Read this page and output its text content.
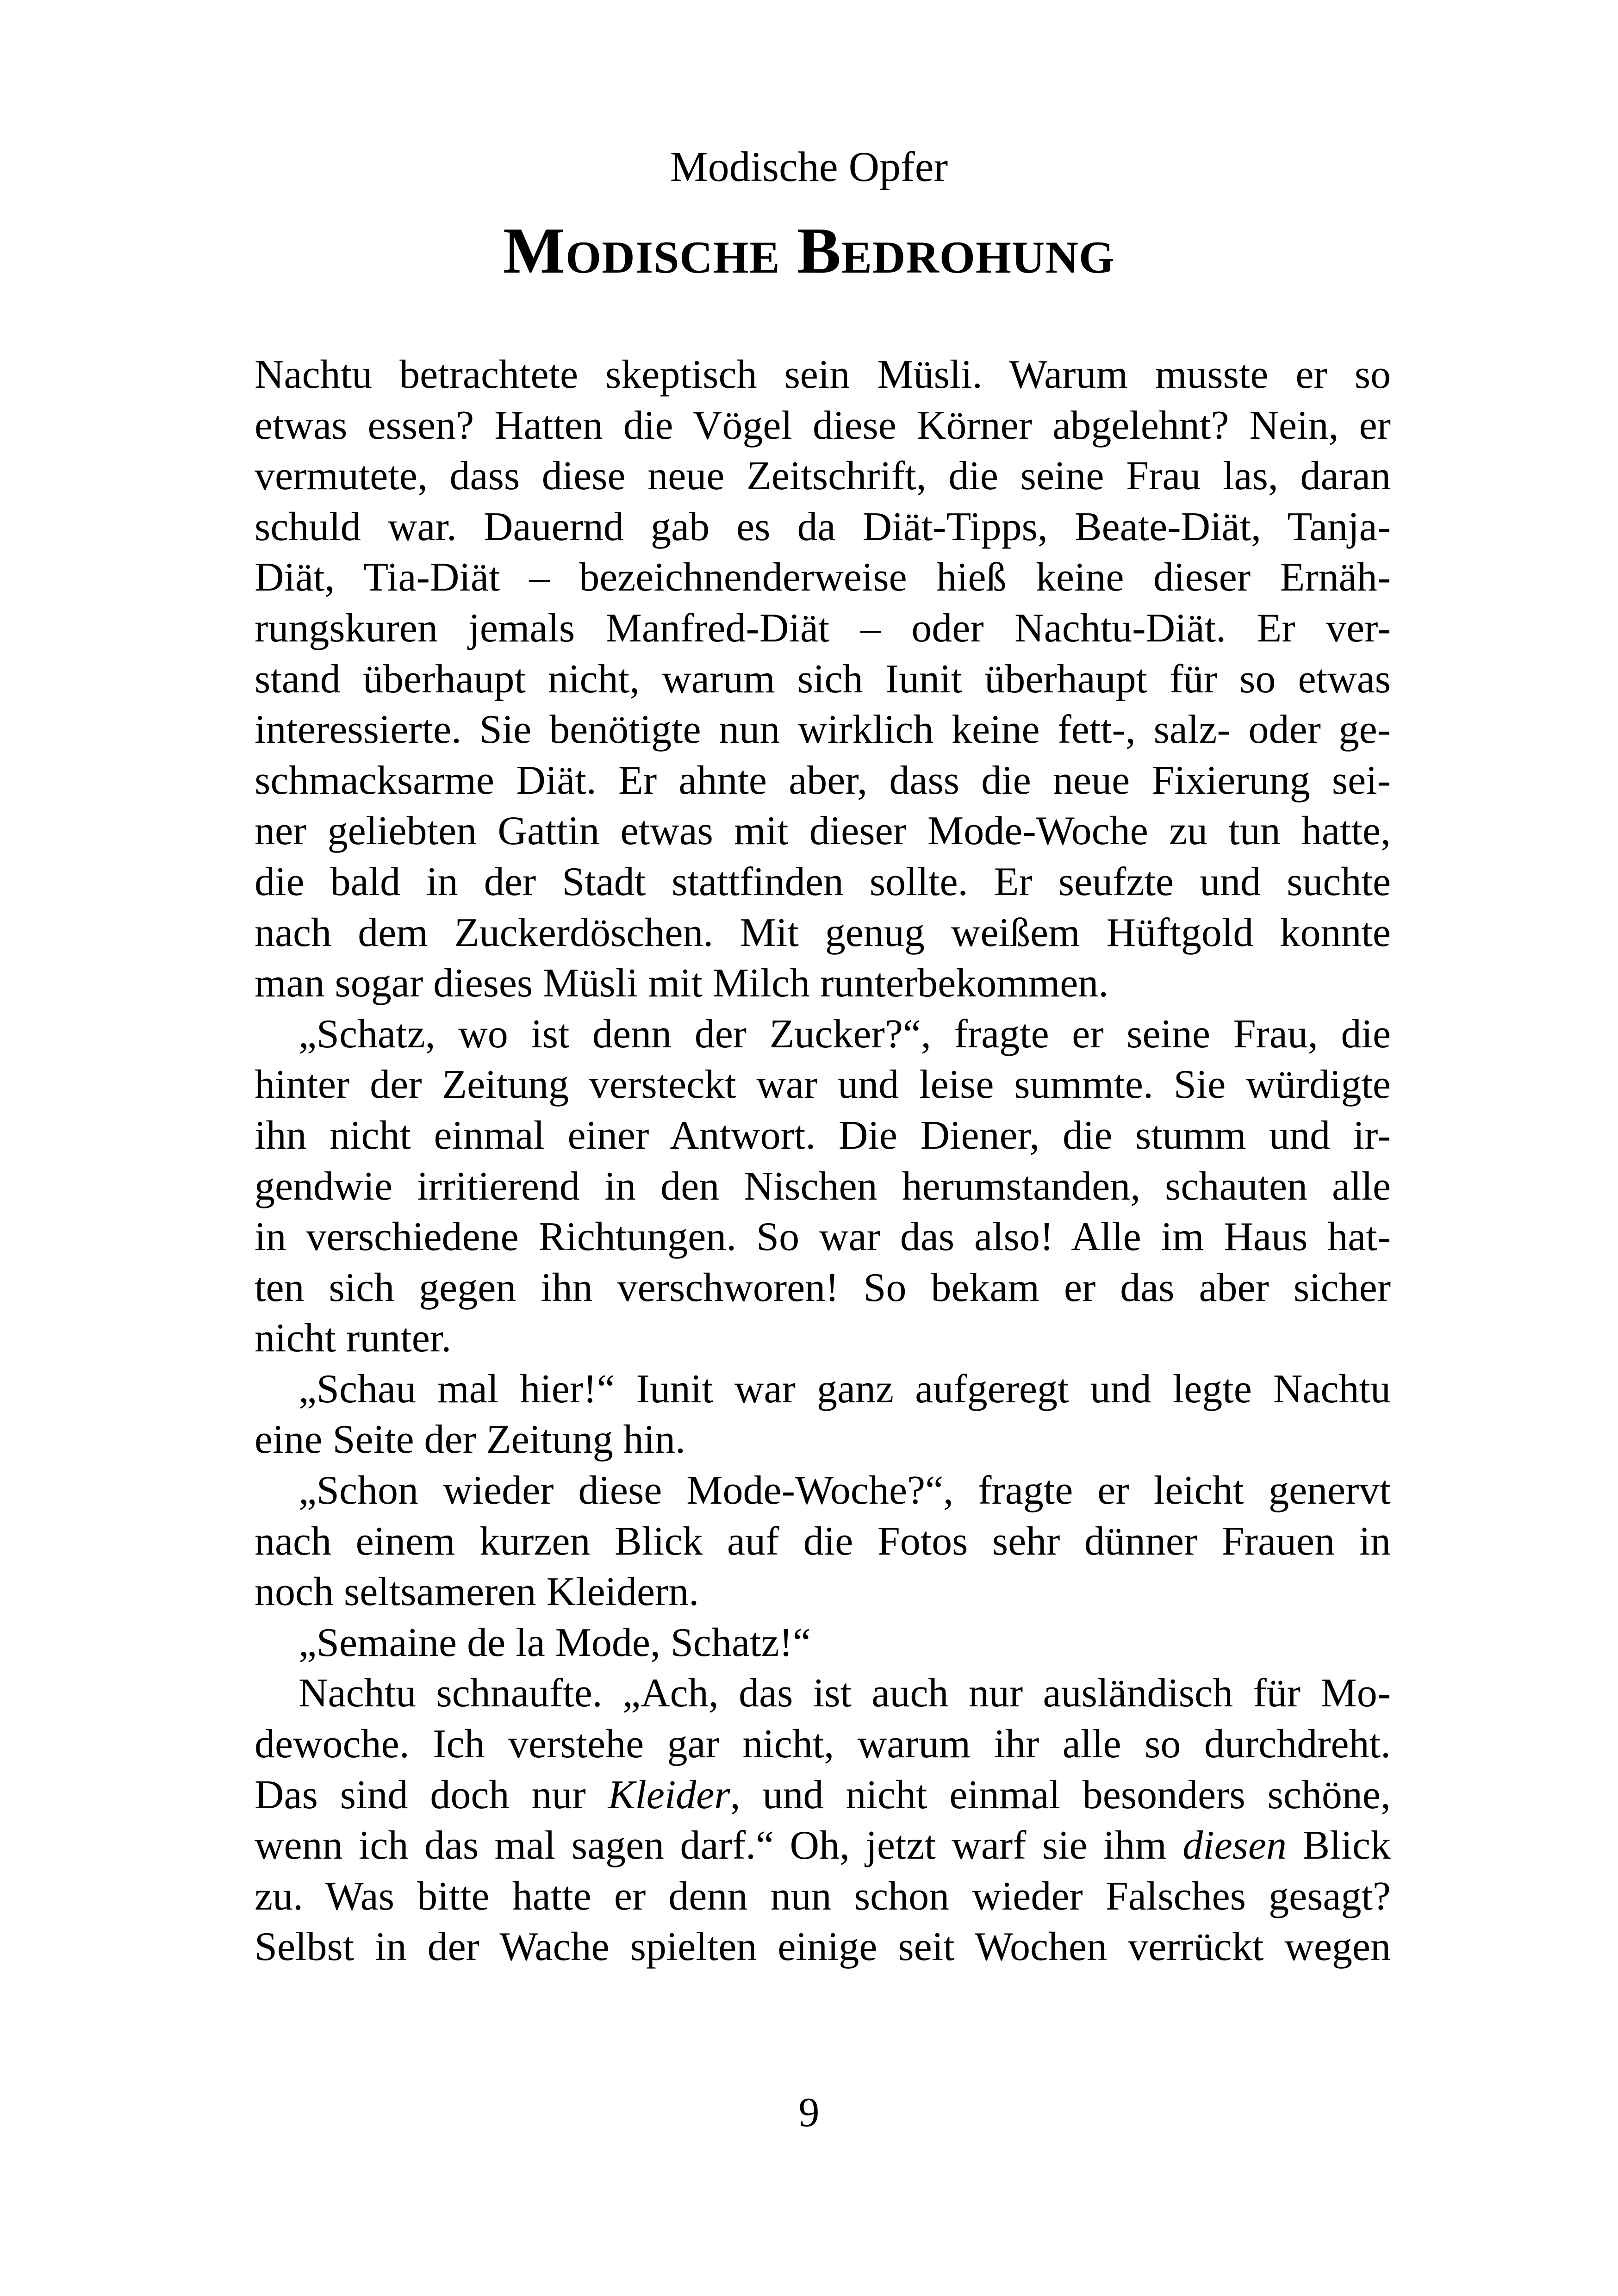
Modische Opfer
Modische Bedrohung
Nachtu betrachtete skeptisch sein Müsli. Warum musste er so
etwas essen? Hatten die Vögel diese Körner abgelehnt? Nein, er
vermutete, dass diese neue Zeitschrift, die seine Frau las, daran
schuld war. Dauernd gab es da Diät-Tipps, Beate-Diät, Tanja-
Diät, Tia-Diät – bezeichnenderweise hieß keine dieser Ernäh-
rungskuren jemals Manfred-Diät – oder Nachtu-Diät. Er ver-
stand überhaupt nicht, warum sich Iunit überhaupt für so etwas
interessierte. Sie benötigte nun wirklich keine fett-, salz- oder ge-
schmacksarme Diät. Er ahnte aber, dass die neue Fixierung sei-
ner geliebten Gattin etwas mit dieser Mode-Woche zu tun hatte,
die bald in der Stadt stattfinden sollte. Er seufzte und suchte
nach dem Zuckerdöschen. Mit genug weißem Hüftgold konnte
man sogar dieses Müsli mit Milch runterbekommen.
„Schatz, wo ist denn der Zucker?“, fragte er seine Frau, die
hinter der Zeitung versteckt war und leise summte. Sie würdigte
ihn nicht einmal einer Antwort. Die Diener, die stumm und ir-
gendwie irritierend in den Nischen herumstanden, schauten alle
in verschiedene Richtungen. So war das also! Alle im Haus hat-
ten sich gegen ihn verschworen! So bekam er das aber sicher
nicht runter.
„Schau mal hier!“ Iunit war ganz aufgeregt und legte Nachtu
eine Seite der Zeitung hin.
„Schon wieder diese Mode-Woche?“, fragte er leicht genervt
nach einem kurzen Blick auf die Fotos sehr dünner Frauen in
noch seltsameren Kleidern.
„Semaine de la Mode, Schatz!“
Nachtu schnaufte. „Ach, das ist auch nur ausländisch für Mo-
dewoche. Ich verstehe gar nicht, warum ihr alle so durchdreht.
Das sind doch nur Kleider, und nicht einmal besonders schöne,
wenn ich das mal sagen darf.“ Oh, jetzt warf sie ihm diesen Blick
zu. Was bitte hatte er denn nun schon wieder Falsches gesagt?
Selbst in der Wache spielten einige seit Wochen verrückt wegen
9
